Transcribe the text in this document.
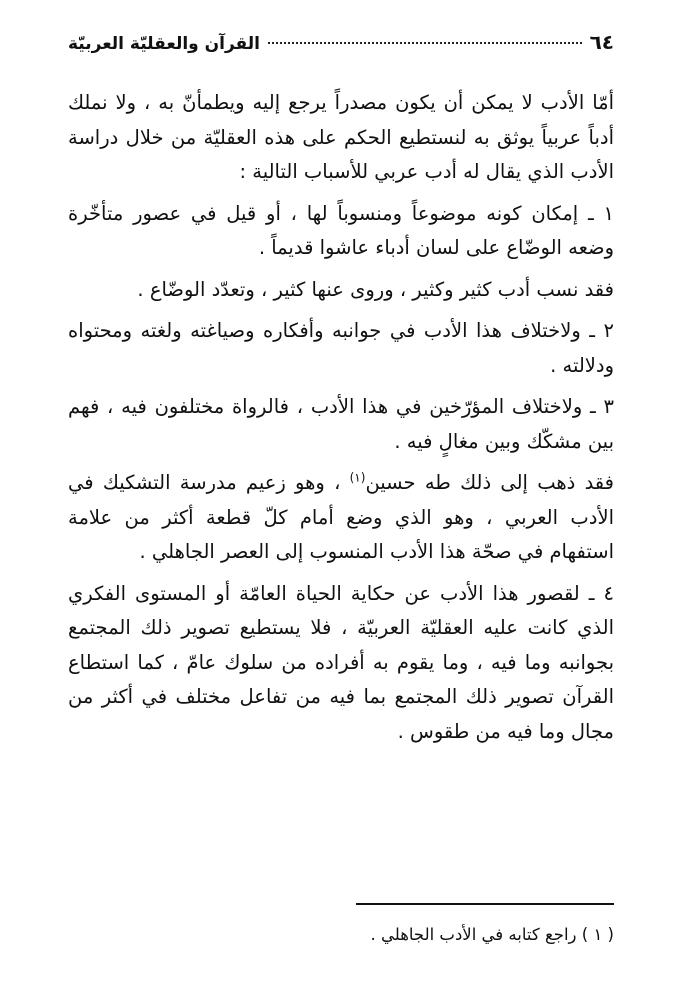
٦٤
القرآن والعقليّة العربيّة

أمّا الأدب لا يمكن أن يكون مصدراً يرجع إليه ويطمأنّ به ، ولا نملك أدباً عربياً يوثق به لنستطيع الحكم على هذه العقليّة من خلال دراسة الأدب الذي يقال له أدب عربي للأسباب التالية :

١ ـ إمكان كونه موضوعاً ومنسوباً لها ، أو قيل في عصور متأخّرة وضعه الوضّاع على لسان أدباء عاشوا قديماً .

فقد نسب أدب كثير وكثير ، وروى عنها كثير ، وتعدّد الوضّاع .

٢ ـ ولاختلاف هذا الأدب في جوانبه وأفكاره وصياغته ولغته ومحتواه ودلالته .

٣ ـ ولاختلاف المؤرّخين في هذا الأدب ، فالرواة مختلفون فيه ، فهم بين مشكّك وبين مغالٍ فيه .

فقد ذهب إلى ذلك طه حسين$^{(١)}$ ، وهو زعيم مدرسة التشكيك في الأدب العربي ، وهو الذي وضع أمام كلّ قطعة أكثر من علامة استفهام في صحّة هذا الأدب المنسوب إلى العصر الجاهلي .

٤ ـ لقصور هذا الأدب عن حكاية الحياة العامّة أو المستوى الفكري الذي كانت عليه العقليّة العربيّة ، فلا يستطيع تصوير ذلك المجتمع بجوانبه وما فيه ، وما يقوم به أفراده من سلوك عامّ ، كما استطاع القرآن تصوير ذلك المجتمع بما فيه من تفاعل مختلف في أكثر من مجال وما فيه من طقوس .

( ١ ) راجع كتابه في الأدب الجاهلي .
